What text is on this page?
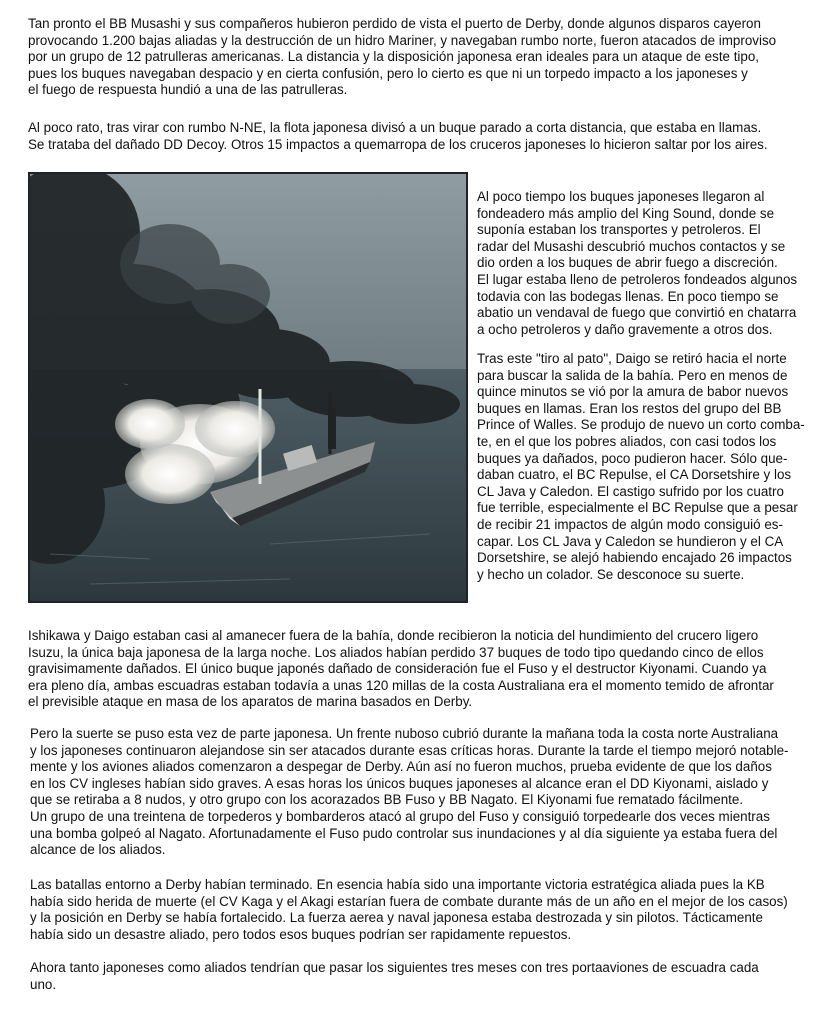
Tan pronto el BB Musashi y sus compañeros hubieron perdido de vista el puerto de Derby, donde algunos disparos cayeron
provocando 1.200 bajas aliadas y la destrucción de un hidro Mariner, y navegaban rumbo norte, fueron atacados de improviso
por un grupo de 12 patrulleras americanas. La distancia y la disposición japonesa eran ideales para un ataque de este tipo,
pues los buques navegaban despacio y en cierta confusión, pero lo cierto es que ni un torpedo impacto a los japoneses y
el fuego de respuesta hundió a una de las patrulleras.
Al poco rato, tras virar con rumbo N-NE, la flota japonesa divisó a un buque parado a corta distancia, que estaba en llamas.
Se trataba del dañado DD Decoy. Otros 15 impactos a quemarropa de los cruceros japoneses lo hicieron saltar por los aires.
Al poco tiempo los buques japoneses llegaron al
fondeadero más amplio del King Sound, donde se
suponía estaban los transportes y petroleros. El
radar del Musashi descubrió muchos contactos y se
dio orden a los buques de abrir fuego a discreción.
El lugar estaba lleno de petroleros fondeados algunos
todavia con las bodegas llenas. En poco tiempo se
abatio un vendaval de fuego que convirtió en chatarra
a ocho petroleros y daño gravemente a otros dos.
Tras este "tiro al pato", Daigo se retiró hacia el norte
para buscar la salida de la bahía. Pero en menos de
quince minutos se vió por la amura de babor nuevos
buques en llamas. Eran los restos del grupo del BB
Prince of Walles. Se produjo de nuevo un corto comba-
te, en el que los pobres aliados, con casi todos los
buques ya dañados, poco pudieron hacer. Sólo que-
daban cuatro, el BC Repulse, el CA Dorsetshire y los
CL Java y Caledon. El castigo sufrido por los cuatro
fue terrible, especialmente el BC Repulse que a pesar
de recibir 21 impactos de algún modo consiguió es-
capar. Los CL Java y Caledon se hundieron y el CA
Dorsetshire, se alejó habiendo encajado 26 impactos
y hecho un colador. Se desconoce su suerte.
Ishikawa y Daigo estaban casi al amanecer fuera de la bahía, donde recibieron la noticia del hundimiento del crucero ligero
Isuzu, la única baja japonesa de la larga noche. Los aliados habían perdido 37 buques de todo tipo quedando cinco de ellos
gravisimamente dañados. El único buque japonés dañado de consideración fue el Fuso y el destructor Kiyonami. Cuando ya
era pleno día, ambas escuadras estaban todavía a unas 120 millas de la costa Australiana era el momento temido de afrontar
el previsible ataque en masa de los aparatos de marina basados en Derby.
Pero la suerte se puso esta vez de parte japonesa. Un frente nuboso cubrió durante la mañana toda la costa norte Australiana
y los japoneses continuaron alejandose sin ser atacados durante esas críticas horas. Durante la tarde el tiempo mejoró notable-
mente y los aviones aliados comenzaron a despegar de Derby. Aún así no fueron muchos, prueba evidente de que los daños
en los CV ingleses habían sido graves. A esas horas los únicos buques japoneses al alcance eran el DD Kiyonami, aislado y
que se retiraba a 8 nudos, y otro grupo con los acorazados BB Fuso y BB Nagato. El Kiyonami fue rematado fácilmente.
Un grupo de una treintena de torpederos y bombarderos atacó al grupo del Fuso y consiguió torpedearle dos veces mientras
una bomba golpeó al Nagato. Afortunadamente el Fuso pudo controlar sus inundaciones y al día siguiente ya estaba fuera del
alcance de los aliados.
Las batallas entorno a Derby habían terminado. En esencia había sido una importante victoria estratégica aliada pues la KB
había sido herida de muerte (el CV Kaga y el Akagi estarían fuera de combate durante más de un año en el mejor de los casos)
y la posición en Derby se había fortalecido. La fuerza aerea y naval japonesa estaba destrozada y sin pilotos. Tácticamente
había sido un desastre aliado, pero todos esos buques podrían ser rapidamente repuestos.
Ahora tanto japoneses como aliados tendrían que pasar los siguientes tres meses con tres portaaviones de escuadra cada
uno.
